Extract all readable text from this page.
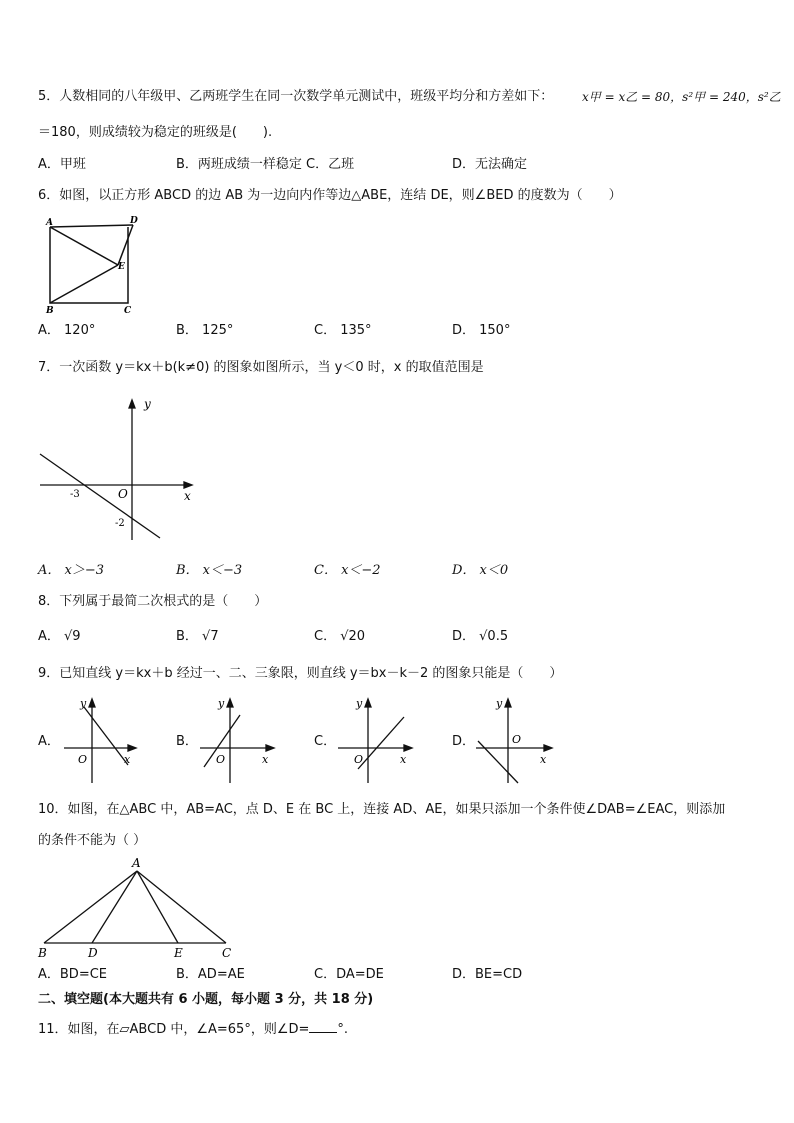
5．人数相同的八年级甲、乙两班学生在同一次数学单元测试中，班级平均分和方差如下： x甲 = x乙 = 80，s²甲 = 240，s²乙
＝180，则成绩较为稳定的班级是(　　).
A．甲班	B．两班成绩一样稳定 C．乙班	D．无法确定
6．如图，以正方形 ABCD 的边 AB 为一边向内作等边△ABE，连结 DE，则∠BED 的度数为（　　）
A	D
E
B	C
A． 120°	B． 125°	C． 135°	D． 150°
7．一次函数 y＝kx＋b(k≠0) 的图象如图所示，当 y＜0 时，x 的取值范围是
y
x
O
-3
-2
A． x＞−3	B． x＜−3	C． x＜−2	D． x＜0
8．下列属于最简二次根式的是（　　）
A． √9	B． √7	C． √20	D． √0.5
9．已知直线 y＝kx＋b 经过一、二、三象限，则直线 y＝bx－k－2 的图象只能是（　　）
A．
y
x
O
B．
y
x
O
C．
y
x
O
D．
y
x
O
10．如图，在△ABC 中，AB=AC，点 D、E 在 BC 上，连接 AD、AE，如果只添加一个条件使∠DAB=∠EAC，则添加
的条件不能为（ ）
A
B	D	E	C
A．BD=CE	B．AD=AE	C．DA=DE	D．BE=CD
二、填空题(本大题共有 6 小题，每小题 3 分，共 18 分)
11．如图，在▱ABCD 中，∠A=65°，则∠D= °.
